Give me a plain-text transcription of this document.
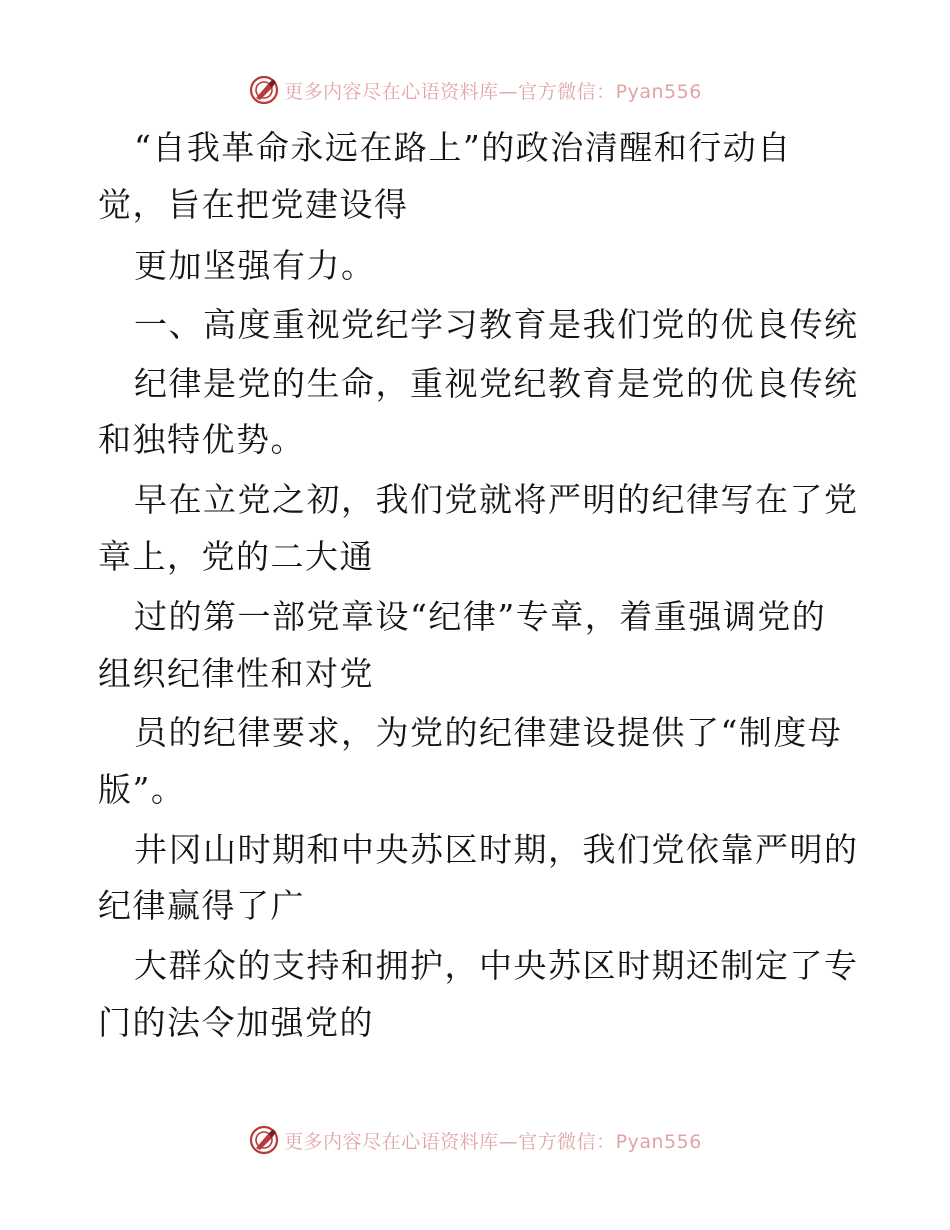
更多内容尽在心语资料库—官方微信：Pyan556
“自我革命永远在路上”的政治清醒和行动自
觉，旨在把党建设得
更加坚强有力。
一、高度重视党纪学习教育是我们党的优良传统
纪律是党的生命，重视党纪教育是党的优良传统
和独特优势。
早在立党之初，我们党就将严明的纪律写在了党
章上，党的二大通
过的第一部党章设“纪律”专章，着重强调党的
组织纪律性和对党
员的纪律要求，为党的纪律建设提供了“制度母
版”。
井冈山时期和中央苏区时期，我们党依靠严明的
纪律赢得了广
大群众的支持和拥护，中央苏区时期还制定了专
门的法令加强党的
更多内容尽在心语资料库—官方微信：Pyan556
